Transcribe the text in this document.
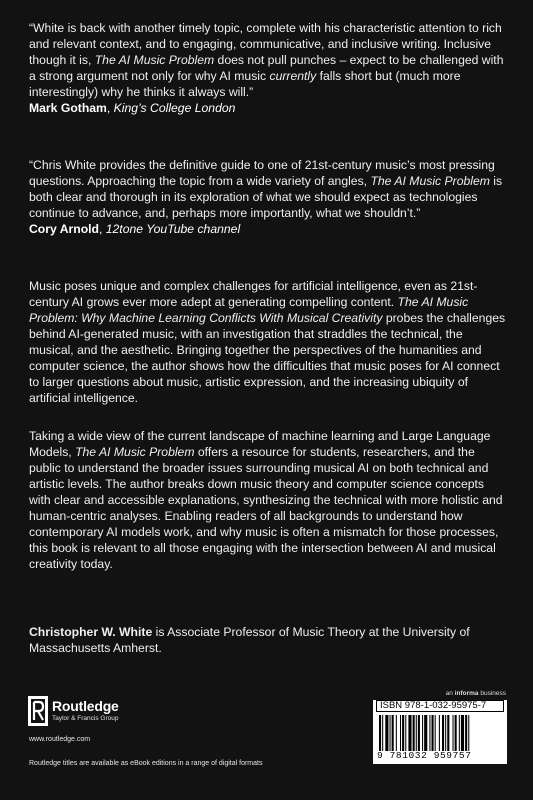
“White is back with another timely topic, complete with his characteristic attention to rich and relevant context, and to engaging, communicative, and inclusive writing. Inclusive though it is, The AI Music Problem does not pull punches – expect to be challenged with a strong argument not only for why AI music currently falls short but (much more interestingly) why he thinks it always will.”

Mark Gotham, King’s College London

“Chris White provides the definitive guide to one of 21st-century music’s most pressing questions. Approaching the topic from a wide variety of angles, The AI Music Problem is both clear and thorough in its exploration of what we should expect as technologies continue to advance, and, perhaps more importantly, what we shouldn’t.”

Cory Arnold, 12tone YouTube channel

Music poses unique and complex challenges for artificial intelligence, even as 21st-century AI grows ever more adept at generating compelling content. The AI Music Problem: Why Machine Learning Conflicts With Musical Creativity probes the challenges behind AI-generated music, with an investigation that straddles the technical, the musical, and the aesthetic. Bringing together the perspectives of the humanities and computer science, the author shows how the difficulties that music poses for AI connect to larger questions about music, artistic expression, and the increasing ubiquity of artificial intelligence.

Taking a wide view of the current landscape of machine learning and Large Language Models, The AI Music Problem offers a resource for students, researchers, and the public to understand the broader issues surrounding musical AI on both technical and artistic levels. The author breaks down music theory and computer science concepts with clear and accessible explanations, synthesizing the technical with more holistic and human-centric analyses. Enabling readers of all backgrounds to understand how contemporary AI models work, and why music is often a mismatch for those processes, this book is relevant to all those engaging with the intersection between AI and musical creativity today.

Christopher W. White is Associate Professor of Music Theory at the University of Massachusetts Amherst.

Routledge
Taylor & Francis Group
www.routledge.com
Routledge titles are available as eBook editions in a range of digital formats
an informa business
ISBN 978-1-032-95975-7
9 781032 959757
